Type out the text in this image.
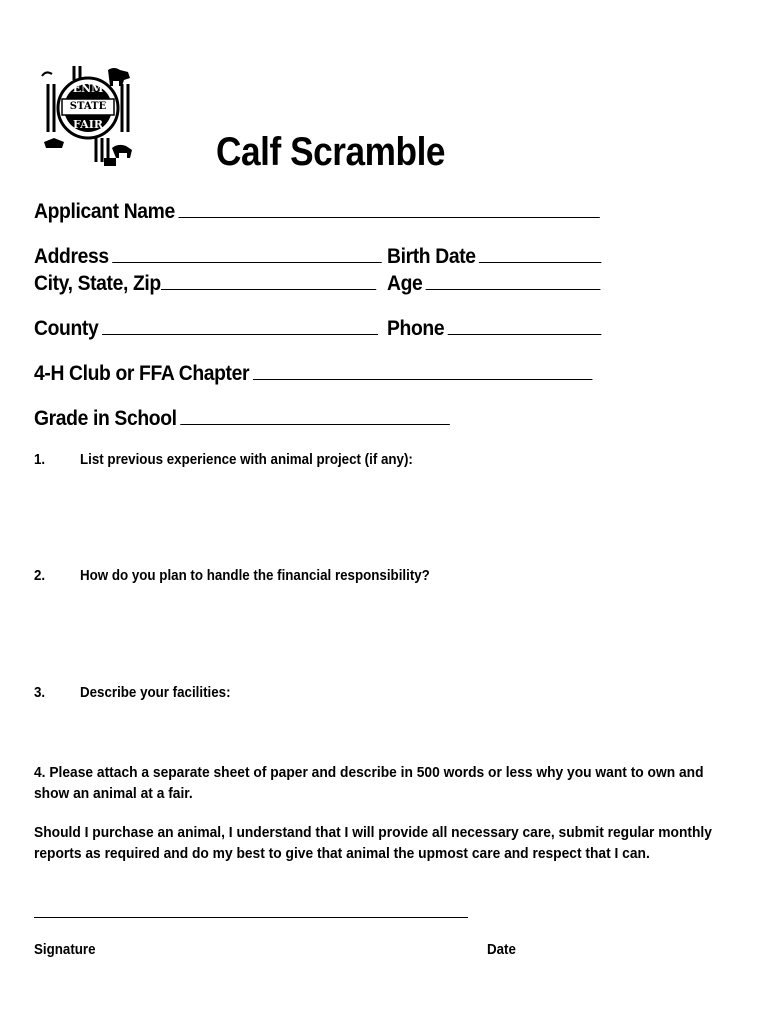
ENM
STATE
FAIR
Calf Scramble
Applicant Name
Address	Birth Date
City, State, Zip	Age
County	Phone
4-H Club or FFA Chapter
Grade in School
1. List previous experience with animal project (if any):
2. How do you plan to handle the financial responsibility?
3. Describe your facilities:
4. Please attach a separate sheet of paper and describe in 500 words or less why you want to own and show an animal at a fair.
Should I purchase an animal, I understand that I will provide all necessary care, submit regular monthly reports as required and do my best to give that animal the upmost care and respect that I can.
Signature	Date
